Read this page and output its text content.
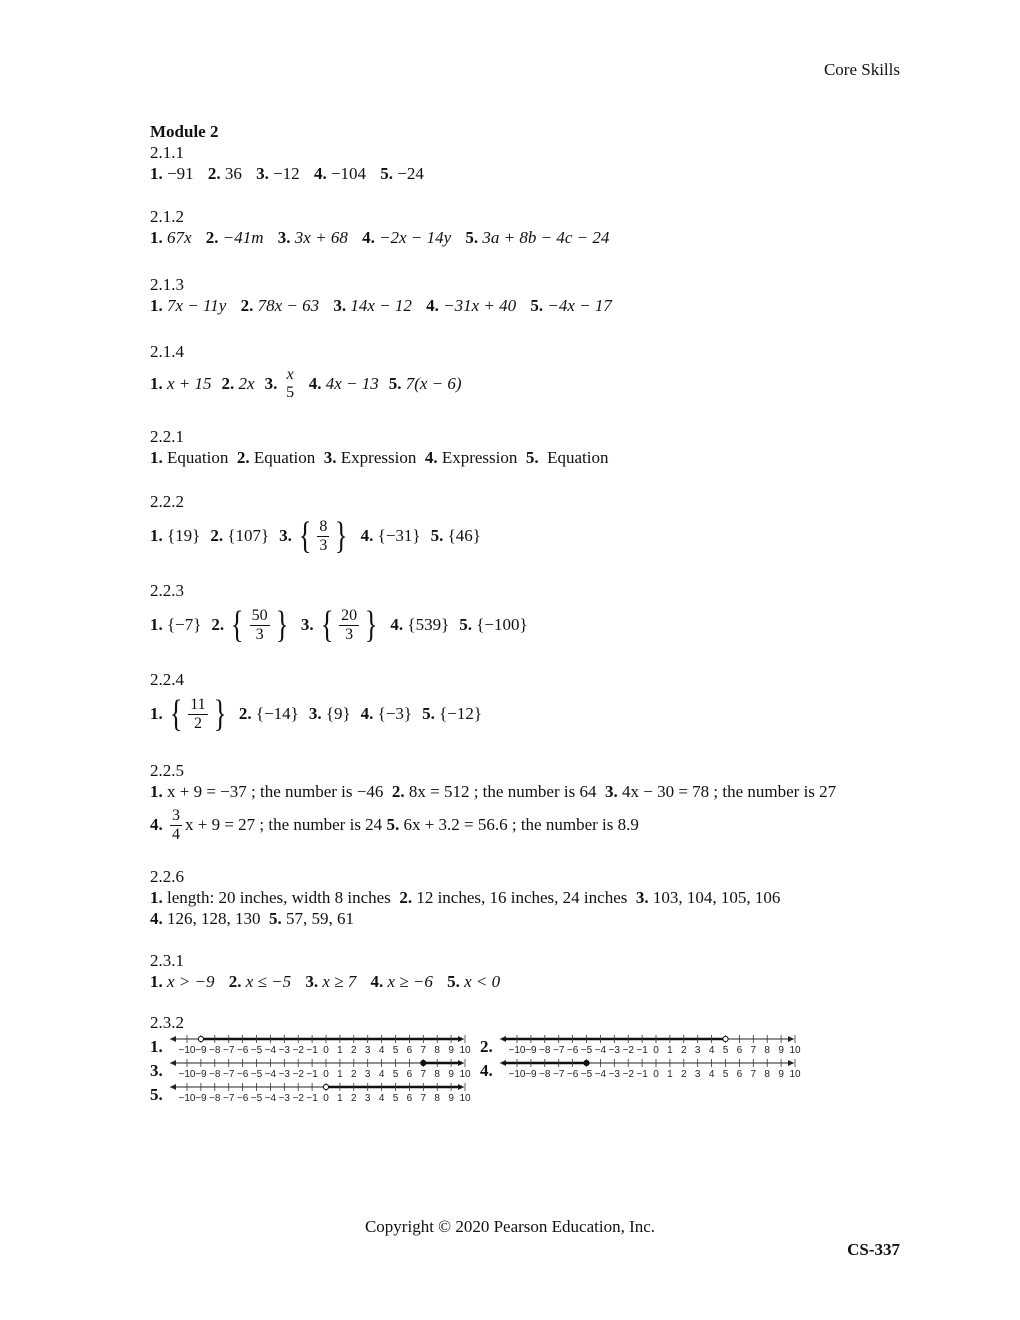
Core Skills
Module 2
2.1.1
1. −91 2. 36 3. −12 4. −104 5. −24
2.1.2
1. 67x 2. −41m 3. 3x + 68 4. −2x − 14y 5. 3a + 8b − 4c − 24
2.1.3
1. 7x − 11y 2. 78x − 63 3. 14x − 12 4. −31x + 40 5. −4x − 17
2.1.4
1.
x + 15 2.
2x 3.
x
5 4.
4x − 13 5.
7(x − 6)
2.2.1
1. Equation 2. Equation 3. Expression 4. Expression 5. Equation
2.2.2
1.
{19} 2.
{107} 3.
{ $\frac{8}{3}$ } 4.
{−31} 5.
{46}
2.2.3
1.
{−7} 2.
{ $\frac{50}{3}$ } 3.
{ $\frac{20}{3}$ } 4.
{539} 5.
{−100}
2.2.4
1.
{ $\frac{11}{2}$ } 2.
{−14} 3.
{9} 4.
{−3} 5.
{−12}
2.2.5
1. x + 9 = −37 ; the number is −46 2. 8x = 512 ; the number is 64 3. 4x − 30 = 78 ; the number is 27
4.
$\frac{3}{4}$ x + 9 = 27 ; the number is 24
5.
6x + 3.2 = 56.6 ; the number is 8.9
2.2.6
1. length: 20 inches, width 8 inches 2. 12 inches, 16 inches, 24 inches 3. 103, 104, 105, 106
4. 126, 128, 130 5. 57, 59, 61
2.3.1
1. x > −9 2. x ≤ −5 3. x ≥ 7 4. x ≥ −6 5. x < 0
2.3.2
1. −10 −9 −8 −7 −6 −5 −4 −3 −2 −1 0 1 2 3 4 5 6 7 8 9 10 2. −10 −9 −8 −7 −6 −5 −4 −3 −2 −1 0 1 2 3 4 5 6 7 8 9 10
3. −10 −9 −8 −7 −6 −5 −4 −3 −2 −1 0 1 2 3 4 5 6 7 8 9 10 4. −10 −9 −8 −7 −6 −5 −4 −3 −2 −1 0 1 2 3 4 5 6 7 8 9 10
5. −10 −9 −8 −7 −6 −5 −4 −3 −2 −1 0 1 2 3 4 5 6 7 8 9 10
Copyright © 2020 Pearson Education, Inc.
CS-337
